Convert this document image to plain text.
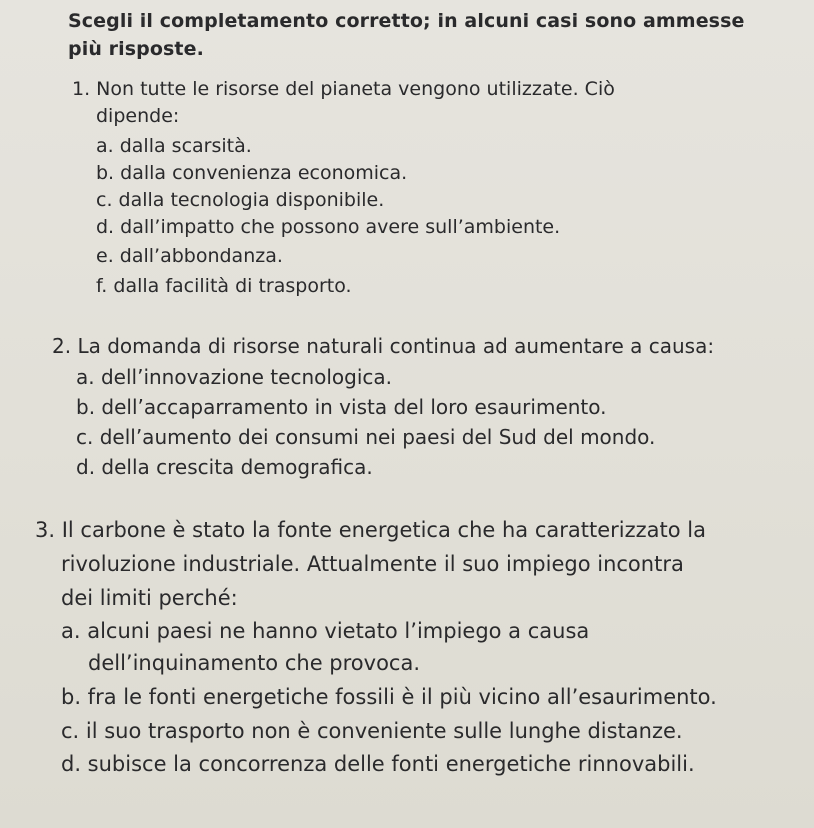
Scegli il completamento corretto; in alcuni casi sono ammesse

più risposte.

1. Non tutte le risorse del pianeta vengono utilizzate. Ciò

dipende:

a. dalla scarsità.

b. dalla convenienza economica.

c. dalla tecnologia disponibile.

d. dall’impatto che possono avere sull’ambiente.

e. dall’abbondanza.

f. dalla facilità di trasporto.

2. La domanda di risorse naturali continua ad aumentare a causa:

a. dell’innovazione tecnologica.

b. dell’accaparramento in vista del loro esaurimento.

c. dell’aumento dei consumi nei paesi del Sud del mondo.

d. della crescita demografica.

3. Il carbone è stato la fonte energetica che ha caratterizzato la

rivoluzione industriale. Attualmente il suo impiego incontra

dei limiti perché:

a. alcuni paesi ne hanno vietato l’impiego a causa

dell’inquinamento che provoca.

b. fra le fonti energetiche fossili è il più vicino all’esaurimento.

c. il suo trasporto non è conveniente sulle lunghe distanze.

d. subisce la concorrenza delle fonti energetiche rinnovabili.
